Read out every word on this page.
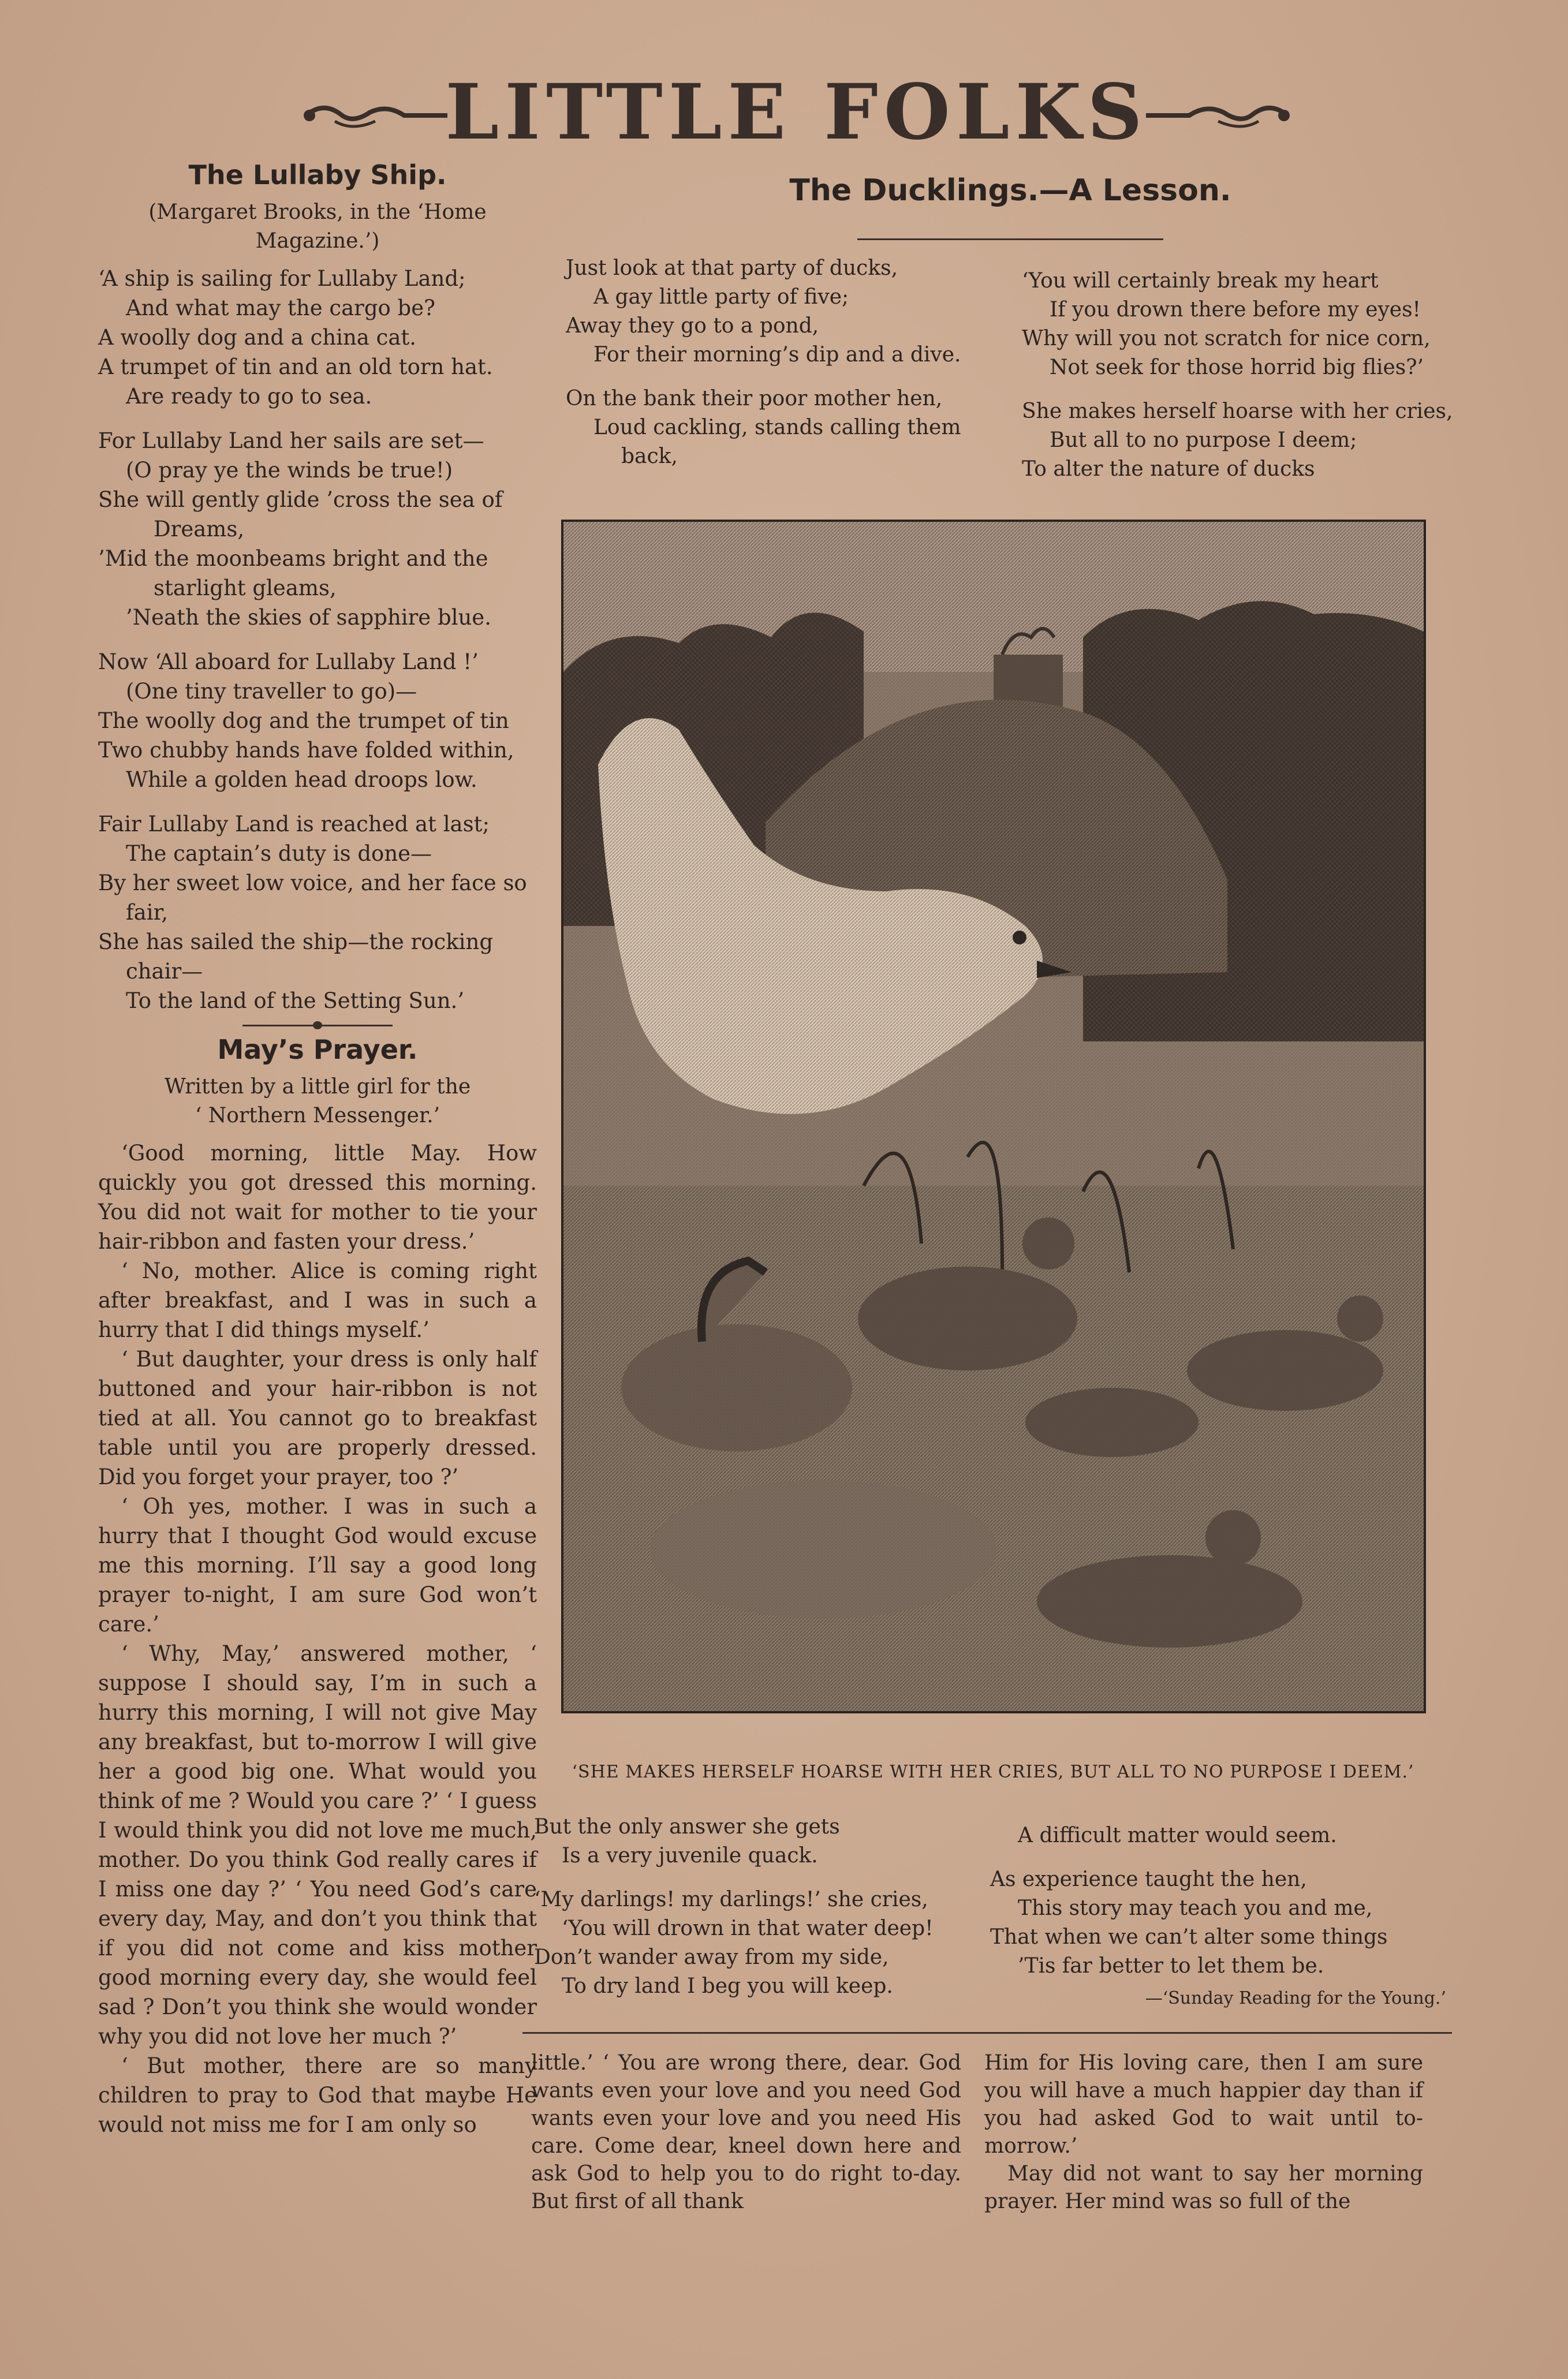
LITTLE FOLKS
The Lullaby Ship.
(Margaret Brooks, in the ‘Home
Magazine.’)

‘A ship is sailing for Lullaby Land;

And what may the cargo be?

A woolly dog and a china cat.

A trumpet of tin and an old torn hat.

Are ready to go to sea.

For Lullaby Land her sails are set—

(O pray ye the winds be true!)

She will gently glide ’cross the sea of

Dreams,

’Mid the moonbeams bright and the

starlight gleams,

’Neath the skies of sapphire blue.

Now ‘All aboard for Lullaby Land !’

(One tiny traveller to go)—

The woolly dog and the trumpet of tin

Two chubby hands have folded within,

While a golden head droops low.

Fair Lullaby Land is reached at last;

The captain’s duty is done—

By her sweet low voice, and her face so

fair,

She has sailed the ship—the rocking

chair—

To the land of the Setting Sun.’

May’s Prayer.
Written by a little girl for the
‘ Northern Messenger.’

‘Good morning, little May. How quickly you got dressed this morning. You did not wait for mother to tie your hair-ribbon and fasten your dress.’

‘ No, mother. Alice is coming right after breakfast, and I was in such a hurry that I did things myself.’

‘ But daughter, your dress is only half buttoned and your hair-ribbon is not tied at all. You cannot go to breakfast table until you are properly dressed. Did you forget your prayer, too ?’

‘ Oh yes, mother. I was in such a hurry that I thought God would excuse me this morning. I’ll say a good long prayer to-night, I am sure God won’t care.’

‘ Why, May,’ answered mother, ‘ suppose I should say, I’m in such a hurry this morning, I will not give May any breakfast, but to-morrow I will give her a good big one. What would you think of me ? Would you care ?’ ‘ I guess I would think you did not love me much, mother. Do you think God really cares if I miss one day ?’ ‘ You need God’s care every day, May, and don’t you think that if you did not come and kiss mother good morning every day, she would feel sad ? Don’t you think she would wonder why you did not love her much ?’

‘ But mother, there are so many children to pray to God that maybe He would not miss me for I am only so

The Ducklings.—A Lesson.

Just look at that party of ducks,

A gay little party of five;

Away they go to a pond,

For their morning’s dip and a dive.

On the bank their poor mother hen,

Loud cackling, stands calling them

back,

‘You will certainly break my heart

If you drown there before my eyes!

Why will you not scratch for nice corn,

Not seek for those horrid big flies?’

She makes herself hoarse with her cries,

But all to no purpose I deem;

To alter the nature of ducks

‘SHE MAKES HERSELF HOARSE WITH HER CRIES, BUT ALL TO NO PURPOSE I DEEM.’

But the only answer she gets

Is a very juvenile quack.

‘My darlings! my darlings!’ she cries,

‘You will drown in that water deep!

Don’t wander away from my side,

To dry land I beg you will keep.

A difficult matter would seem.

As experience taught the hen,

This story may teach you and me,

That when we can’t alter some things

’Tis far better to let them be.

—‘Sunday Reading for the Young.’

little.’ ‘ You are wrong there, dear. God wants even your love and you need God wants even your love and you need His care. Come dear, kneel down here and ask God to help you to do right to-day. But first of all thank

Him for His loving care, then I am sure you will have a much happier day than if you had asked God to wait until to-morrow.’

May did not want to say her morning prayer. Her mind was so full of the
